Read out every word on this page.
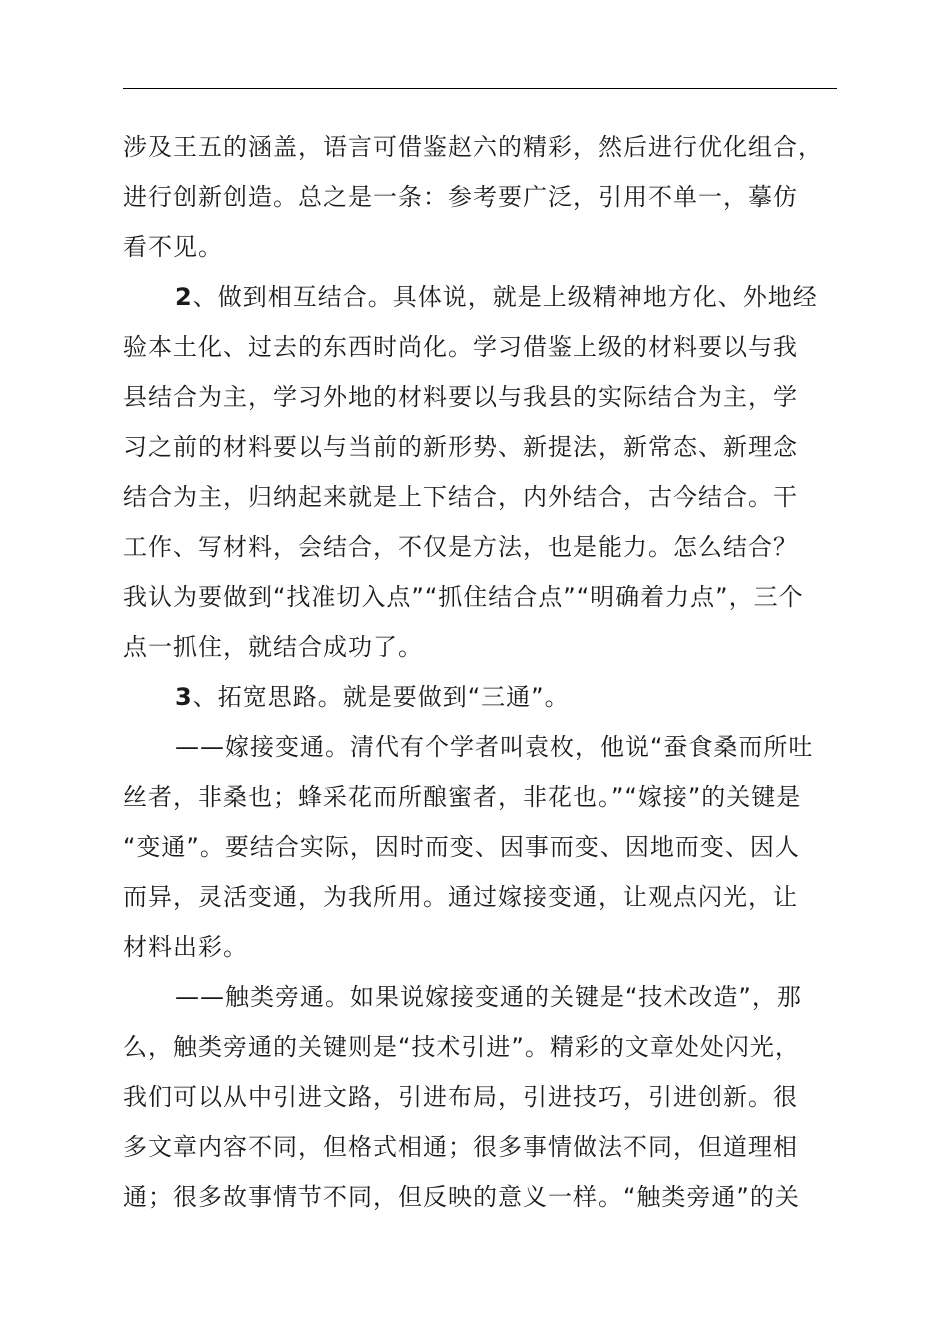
涉及王五的涵盖，语言可借鉴赵六的精彩，然后进行优化组合，
进行创新创造。总之是一条：参考要广泛，引用不单一，摹仿
看不见。
2、做到相互结合。具体说，就是上级精神地方化、外地经
验本土化、过去的东西时尚化。学习借鉴上级的材料要以与我
县结合为主，学习外地的材料要以与我县的实际结合为主，学
习之前的材料要以与当前的新形势、新提法，新常态、新理念
结合为主，归纳起来就是上下结合，内外结合，古今结合。干
工作、写材料，会结合，不仅是方法，也是能力。怎么结合？
我认为要做到“找准切入点”“抓住结合点”“明确着力点”，三个
点一抓住，就结合成功了。
3、拓宽思路。就是要做到“三通”。
——嫁接变通。清代有个学者叫袁枚，他说“蚕食桑而所吐
丝者，非桑也；蜂采花而所酿蜜者，非花也。”“嫁接”的关键是
“变通”。要结合实际，因时而变、因事而变、因地而变、因人
而异，灵活变通，为我所用。通过嫁接变通，让观点闪光，让
材料出彩。
——触类旁通。如果说嫁接变通的关键是“技术改造”，那
么，触类旁通的关键则是“技术引进”。精彩的文章处处闪光，
我们可以从中引进文路，引进布局，引进技巧，引进创新。很
多文章内容不同，但格式相通；很多事情做法不同，但道理相
通；很多故事情节不同，但反映的意义一样。“触类旁通”的关
